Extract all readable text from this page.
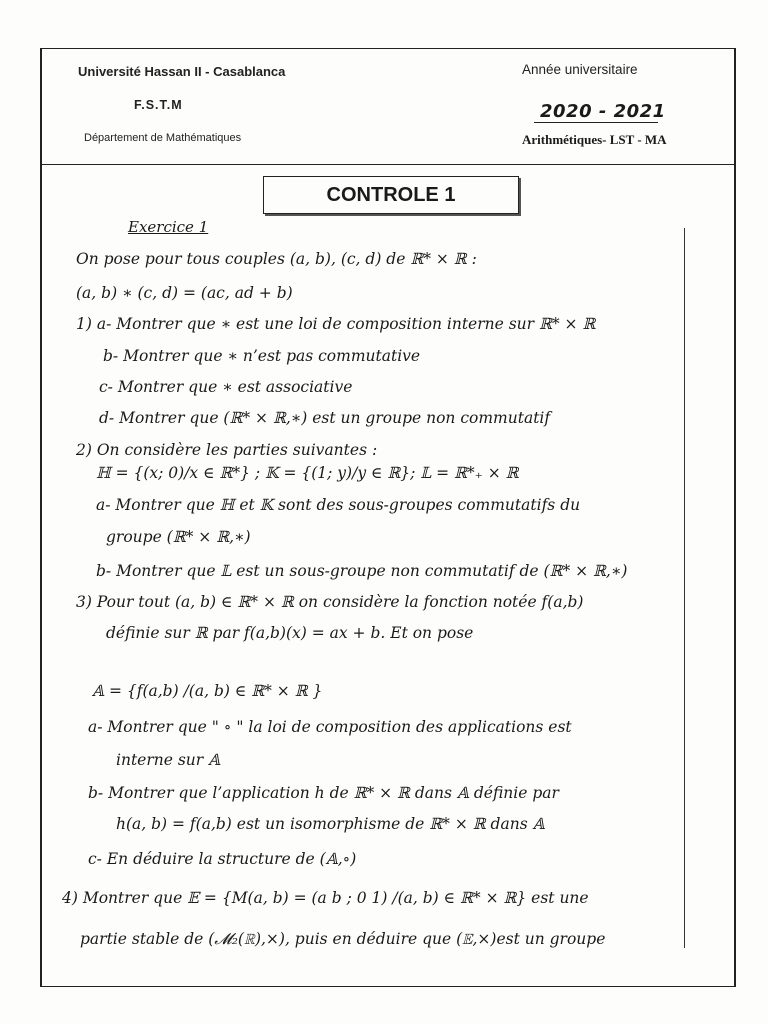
Université Hassan II - Casablanca
F.S.T.M
Département de Mathématiques
Année universitaire
2020 - 2021
Arithmétiques- LST - MA
CONTROLE 1
Exercice 1
On pose pour tous couples (a, b), (c, d) de ℝ* × ℝ :
(a, b) ∗ (c, d) = (ac, ad + b)
1) a- Montrer que ∗ est une loi de composition interne sur ℝ* × ℝ
b- Montrer que ∗ n’est pas commutative
c- Montrer que ∗ est associative
d- Montrer que (ℝ* × ℝ,∗) est un groupe non commutatif
2) On considère les parties suivantes :
ℍ = {(x; 0)/x ∈ ℝ*} ; 𝕂 = {(1; y)/y ∈ ℝ}; 𝕃 = ℝ*₊ × ℝ
a- Montrer que ℍ et 𝕂 sont des sous-groupes commutatifs du
groupe (ℝ* × ℝ,∗)
b- Montrer que 𝕃 est un sous-groupe non commutatif de (ℝ* × ℝ,∗)
3) Pour tout (a, b) ∈ ℝ* × ℝ on considère la fonction notée f(a,b)
définie sur ℝ par f(a,b)(x) = ax + b. Et on pose
𝔸 = {f(a,b) /(a, b) ∈ ℝ* × ℝ }
a- Montrer que " ∘ " la loi de composition des applications est
interne sur 𝔸
b- Montrer que l’application h de ℝ* × ℝ dans 𝔸 définie par
h(a, b) = f(a,b) est un isomorphisme de ℝ* × ℝ dans 𝔸
c- En déduire la structure de (𝔸,∘)
4) Montrer que 𝔼 = {M(a, b) = (a b ; 0 1) /(a, b) ∈ ℝ* × ℝ} est une
partie stable de (𝓜₂(ℝ),×), puis en déduire que (𝔼,×)est un groupe
